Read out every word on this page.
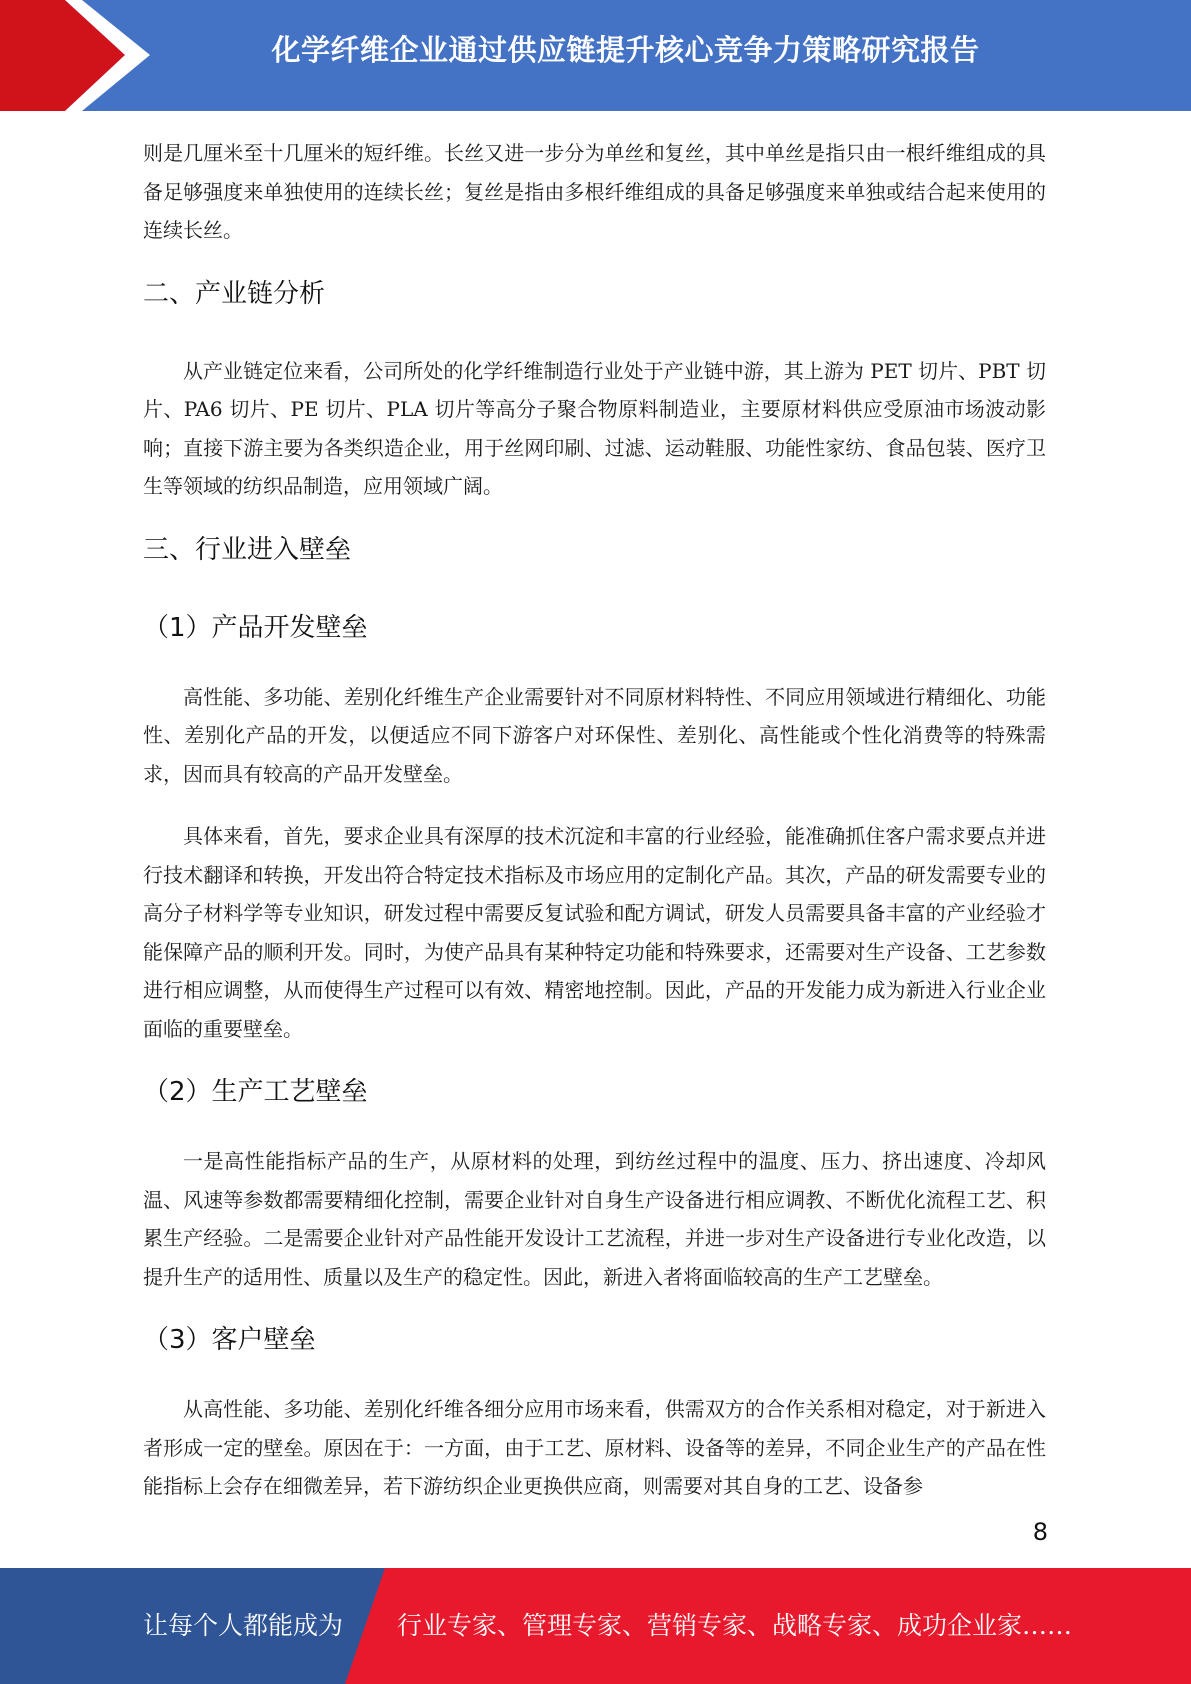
化学纤维企业通过供应链提升核心竞争力策略研究报告

则是几厘米至十几厘米的短纤维。长丝又进一步分为单丝和复丝，其中单丝是指只由一根纤维组成的具备足够强度来单独使用的连续长丝；复丝是指由多根纤维组成的具备足够强度来单独或结合起来使用的连续长丝。

二、产业链分析

从产业链定位来看，公司所处的化学纤维制造行业处于产业链中游，其上游为 PET 切片、PBT 切片、PA6 切片、PE 切片、PLA 切片等高分子聚合物原料制造业，主要原材料供应受原油市场波动影响；直接下游主要为各类织造企业，用于丝网印刷、过滤、运动鞋服、功能性家纺、食品包装、医疗卫生等领域的纺织品制造，应用领域广阔。

三、行业进入壁垒
（1）产品开发壁垒

高性能、多功能、差别化纤维生产企业需要针对不同原材料特性、不同应用领域进行精细化、功能性、差别化产品的开发，以便适应不同下游客户对环保性、差别化、高性能或个性化消费等的特殊需求，因而具有较高的产品开发壁垒。

具体来看，首先，要求企业具有深厚的技术沉淀和丰富的行业经验，能准确抓住客户需求要点并进行技术翻译和转换，开发出符合特定技术指标及市场应用的定制化产品。其次，产品的研发需要专业的高分子材料学等专业知识，研发过程中需要反复试验和配方调试，研发人员需要具备丰富的产业经验才能保障产品的顺利开发。同时，为使产品具有某种特定功能和特殊要求，还需要对生产设备、工艺参数进行相应调整，从而使得生产过程可以有效、精密地控制。因此，产品的开发能力成为新进入行业企业面临的重要壁垒。

（2）生产工艺壁垒

一是高性能指标产品的生产，从原材料的处理，到纺丝过程中的温度、压力、挤出速度、冷却风温、风速等参数都需要精细化控制，需要企业针对自身生产设备进行相应调教、不断优化流程工艺、积累生产经验。二是需要企业针对产品性能开发设计工艺流程，并进一步对生产设备进行专业化改造，以提升生产的适用性、质量以及生产的稳定性。因此，新进入者将面临较高的生产工艺壁垒。

（3）客户壁垒

从高性能、多功能、差别化纤维各细分应用市场来看，供需双方的合作关系相对稳定，对于新进入者形成一定的壁垒。原因在于：一方面，由于工艺、原材料、设备等的差异，不同企业生产的产品在性能指标上会存在细微差异，若下游纺织企业更换供应商，则需要对其自身的工艺、设备参

8
让每个人都能成为 行业专家、管理专家、营销专家、战略专家、成功企业家……
